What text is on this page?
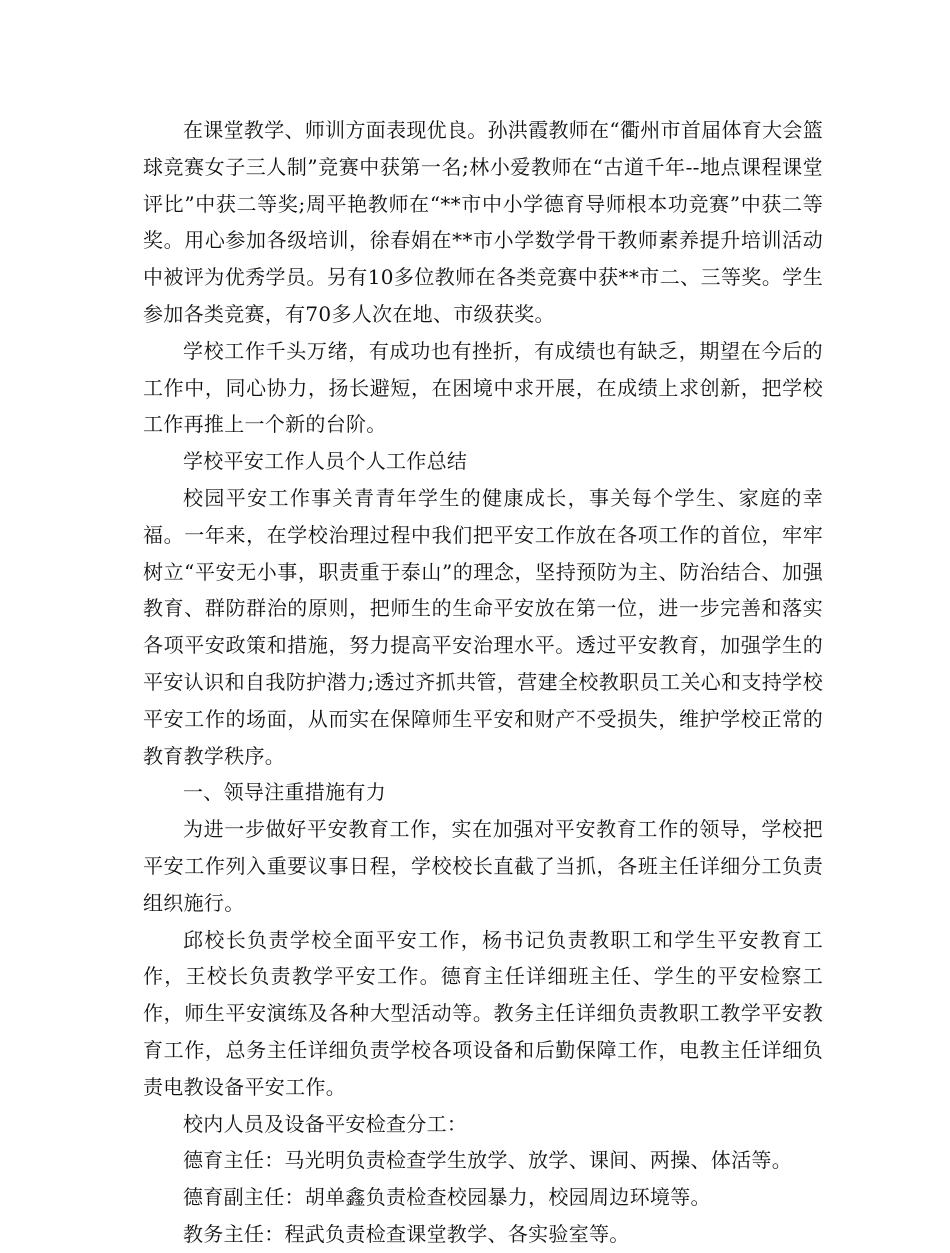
在课堂教学、师训方面表现优良。孙洪霞教师在“衢州市首届体育大会篮球竞赛女子三人制”竞赛中获第一名;林小爱教师在“古道千年--地点课程课堂评比”中获二等奖;周平艳教师在“**市中小学德育导师根本功竞赛”中获二等奖。用心参加各级培训，徐春娟在**市小学数学骨干教师素养提升培训活动中被评为优秀学员。另有10多位教师在各类竞赛中获**市二、三等奖。学生参加各类竞赛，有70多人次在地、市级获奖。

学校工作千头万绪，有成功也有挫折，有成绩也有缺乏，期望在今后的工作中，同心协力，扬长避短，在困境中求开展，在成绩上求创新，把学校工作再推上一个新的台阶。

学校平安工作人员个人工作总结

校园平安工作事关青青年学生的健康成长，事关每个学生、家庭的幸福。一年来，在学校治理过程中我们把平安工作放在各项工作的首位，牢牢树立“平安无小事，职责重于泰山”的理念，坚持预防为主、防治结合、加强教育、群防群治的原则，把师生的生命平安放在第一位，进一步完善和落实各项平安政策和措施，努力提高平安治理水平。透过平安教育，加强学生的平安认识和自我防护潜力;透过齐抓共管，营建全校教职员工关心和支持学校平安工作的场面，从而实在保障师生平安和财产不受损失，维护学校正常的教育教学秩序。

一、领导注重措施有力

为进一步做好平安教育工作，实在加强对平安教育工作的领导，学校把平安工作列入重要议事日程，学校校长直截了当抓，各班主任详细分工负责组织施行。

邱校长负责学校全面平安工作，杨书记负责教职工和学生平安教育工作，王校长负责教学平安工作。德育主任详细班主任、学生的平安检察工作，师生平安演练及各种大型活动等。教务主任详细负责教职工教学平安教育工作，总务主任详细负责学校各项设备和后勤保障工作，电教主任详细负责电教设备平安工作。

校内人员及设备平安检查分工：

德育主任：马光明负责检查学生放学、放学、课间、两操、体活等。

德育副主任：胡单鑫负责检查校园暴力，校园周边环境等。

教务主任：程武负责检查课堂教学、各实验室等。
